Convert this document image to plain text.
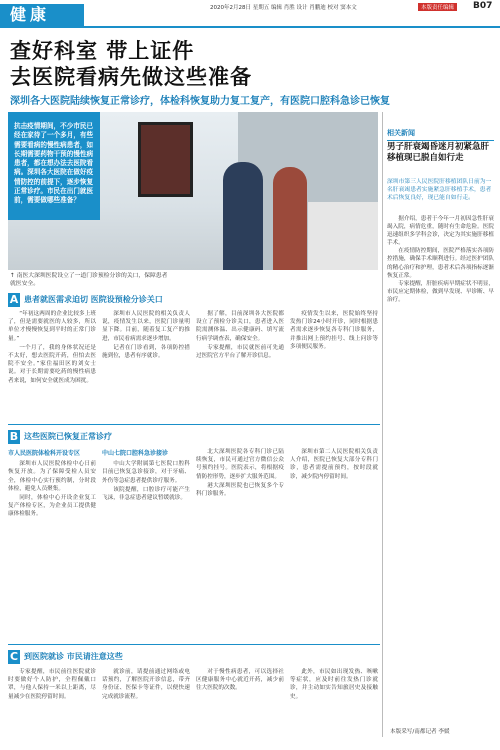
健康	2020年2月28日 星期五 编辑 肖胜 设计 肖鹏迪 校对 窦本文	本版责任编辑	B07
查好科室 带上证件
去医院看病先做这些准备
深圳各大医院陆续恢复正常诊疗，体检科恢复助力复工复产，有医院口腔科急诊已恢复
抗击疫情期间，不少市民已经在家待了一个多月，有些需要看病的慢性病患者，如长期需要药物干预的慢性病患者，都在想办法去医院看病。深圳各大医院在做好疫情防控的前提下，逐步恢复正常诊疗。市民在出门就医前，需要做哪些准备？
↑ 南医大深圳医院设立了一道门诊预检分诊的关口，保障患者就医安全。
A 患者就医需求迫切 医院设预检分诊关口

“年初这两周的企业比较多上班了，但是需要就医的人较多，所以单位才慢慢恢复到平时的正常门诊量。”

一个月了，我的身体状况还是不太好，想去医院开药，但怕去医院不安全。”家住福田区的刘女士说。对于长期需要吃药的慢性病患者来说，如何安全就医成为困扰。

深圳市人民医院的相关负责人说，疫情发生以来，医院门诊量明显下降。目前，随着复工复产的推进，市民看病需求逐步增加。

记者在门诊看到，各项防控措施到位，患者有序就诊。

据了解，目前深圳各大医院都设立了预检分诊关口，患者进入医院需测体温、出示健康码、填写流行病学调查表，确保安全。

专家提醒，市民就医前可先通过医院官方平台了解开诊信息。

疫情发生以来，医院始终坚持发热门诊24小时开诊，同时根据患者需求逐步恢复各专科门诊服务，并推出网上预约挂号、线上问诊等多项便民服务。

B 这些医院已恢复正常诊疗
市人民医院体检科开设专区

深圳市人民医院体检中心日前恢复开放。为了保障受检人员安全，体检中心实行预约制，分时段体检，避免人员聚集。

同时，体检中心开设企业复工复产体检专区，为企业员工提供健康体检服务。

中山七院口腔科急诊接诊

中山大学附属第七医院口腔科目前已恢复急诊接诊，对于牙痛、外伤等急症患者提供诊疗服务。

该院提醒，口腔诊疗可能产生飞沫，非急症患者建议暂缓就诊。

北大深圳医院各专科门诊已陆续恢复，市民可通过官方微信公众号预约挂号。医院表示，将根据疫情防控形势，逐步扩大服务范围。

港大深圳医院也已恢复多个专科门诊服务。

深圳市第二人民医院相关负责人介绍，医院已恢复大部分专科门诊，患者需提前预约，按时段就诊，减少院内停留时间。

C 到医院就诊 市民请注意这些

专家提醒，市民前往医院就诊时要做好个人防护，全程佩戴口罩，与他人保持一米以上距离，尽量减少在医院停留时间。

就诊前，请提前通过网络或电话预约，了解医院开诊信息，带齐身份证、医保卡等证件，以便快速完成就诊流程。

对于慢性病患者，可以选择社区健康服务中心就近开药，减少前往大医院的次数。

此外，市民如出现发热、咳嗽等症状，应及时前往发热门诊就诊，并主动如实告知旅居史及接触史。

相关新闻
男子肝衰竭昏迷月初紧急肝移植现已脱自如行走
深圳市第三人民医院肝移植团队日前为一名肝衰竭患者实施紧急肝移植手术，患者术后恢复良好，现已能自如行走。

据介绍，患者于今年一月初因急性肝衰竭入院，病情危重，随时有生命危险。医院迅速组织多学科会诊，决定为其实施肝移植手术。

在疫情防控期间，医院严格落实各项防控措施，确保手术顺利进行。经过医护团队的精心治疗和护理，患者术后各项指标逐渐恢复正常。

专家提醒，肝脏疾病早期症状不明显，市民应定期体检，做到早发现、早诊断、早治疗。

本版采写/南都记者 李媛
